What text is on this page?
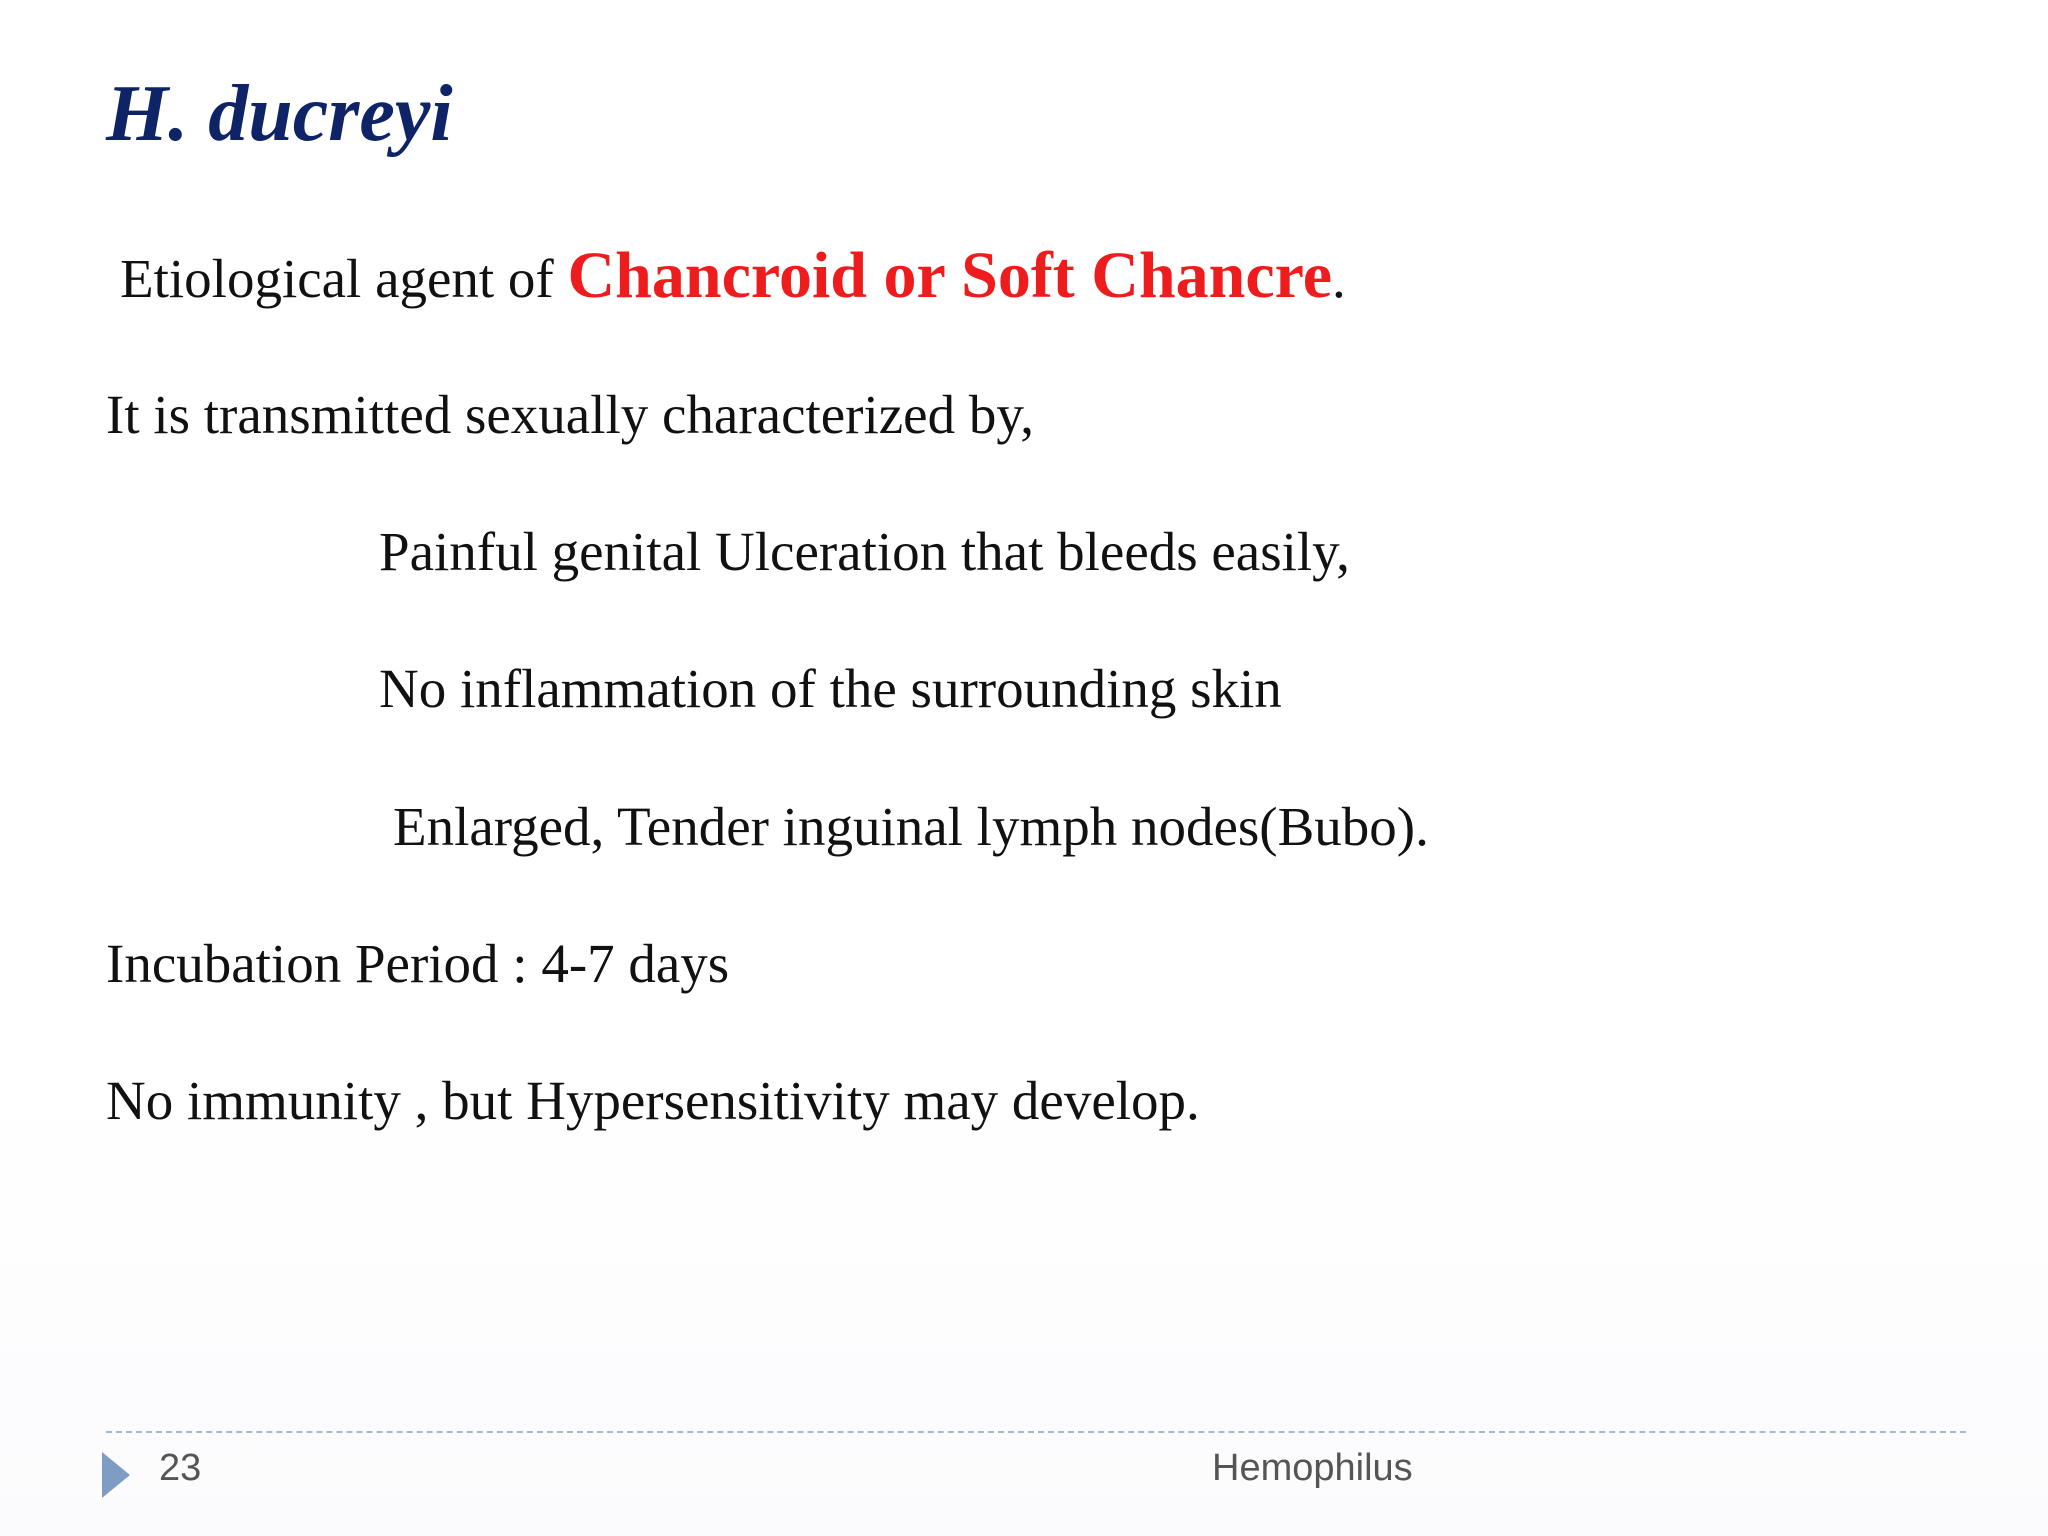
H. ducreyi
Etiological agent of Chancroid or Soft Chancre.
It is transmitted sexually characterized by,
Painful genital Ulceration that bleeds easily,
No inflammation of the surrounding skin
Enlarged, Tender inguinal lymph nodes(Bubo).
Incubation Period : 4-7 days
No immunity , but Hypersensitivity may develop.
23	Hemophilus
